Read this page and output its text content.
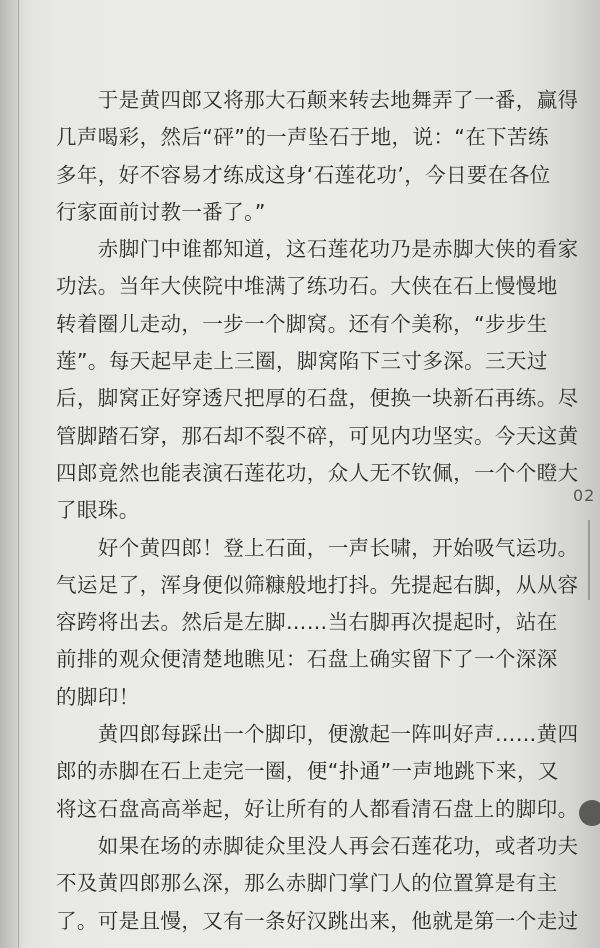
　　于是黄四郎又将那大石颠来转去地舞弄了一番，赢得
几声喝彩，然后“砰”的一声坠石于地，说：“在下苦练
多年，好不容易才练成这身‘石莲花功’，今日要在各位
行家面前讨教一番了。”
　　赤脚门中谁都知道，这石莲花功乃是赤脚大侠的看家
功法。当年大侠院中堆满了练功石。大侠在石上慢慢地
转着圈儿走动，一步一个脚窝。还有个美称，“步步生
莲”。每天起早走上三圈，脚窝陷下三寸多深。三天过
后，脚窝正好穿透尺把厚的石盘，便换一块新石再练。尽
管脚踏石穿，那石却不裂不碎，可见内功坚实。今天这黄
四郎竟然也能表演石莲花功，众人无不钦佩，一个个瞪大
了眼珠。
　　好个黄四郎！登上石面，一声长啸，开始吸气运功。
气运足了，浑身便似筛糠般地打抖。先提起右脚，从从容
容跨将出去。然后是左脚……当右脚再次提起时，站在
前排的观众便清楚地瞧见：石盘上确实留下了一个深深
的脚印！
　　黄四郎每踩出一个脚印，便激起一阵叫好声……黄四
郎的赤脚在石上走完一圈，便“扑通”一声地跳下来，又
将这石盘高高举起，好让所有的人都看清石盘上的脚印。
　　如果在场的赤脚徒众里没人再会石莲花功，或者功夫
不及黄四郎那么深，那么赤脚门掌门人的位置算是有主
了。可是且慢，又有一条好汉跳出来，他就是第一个走过
02
